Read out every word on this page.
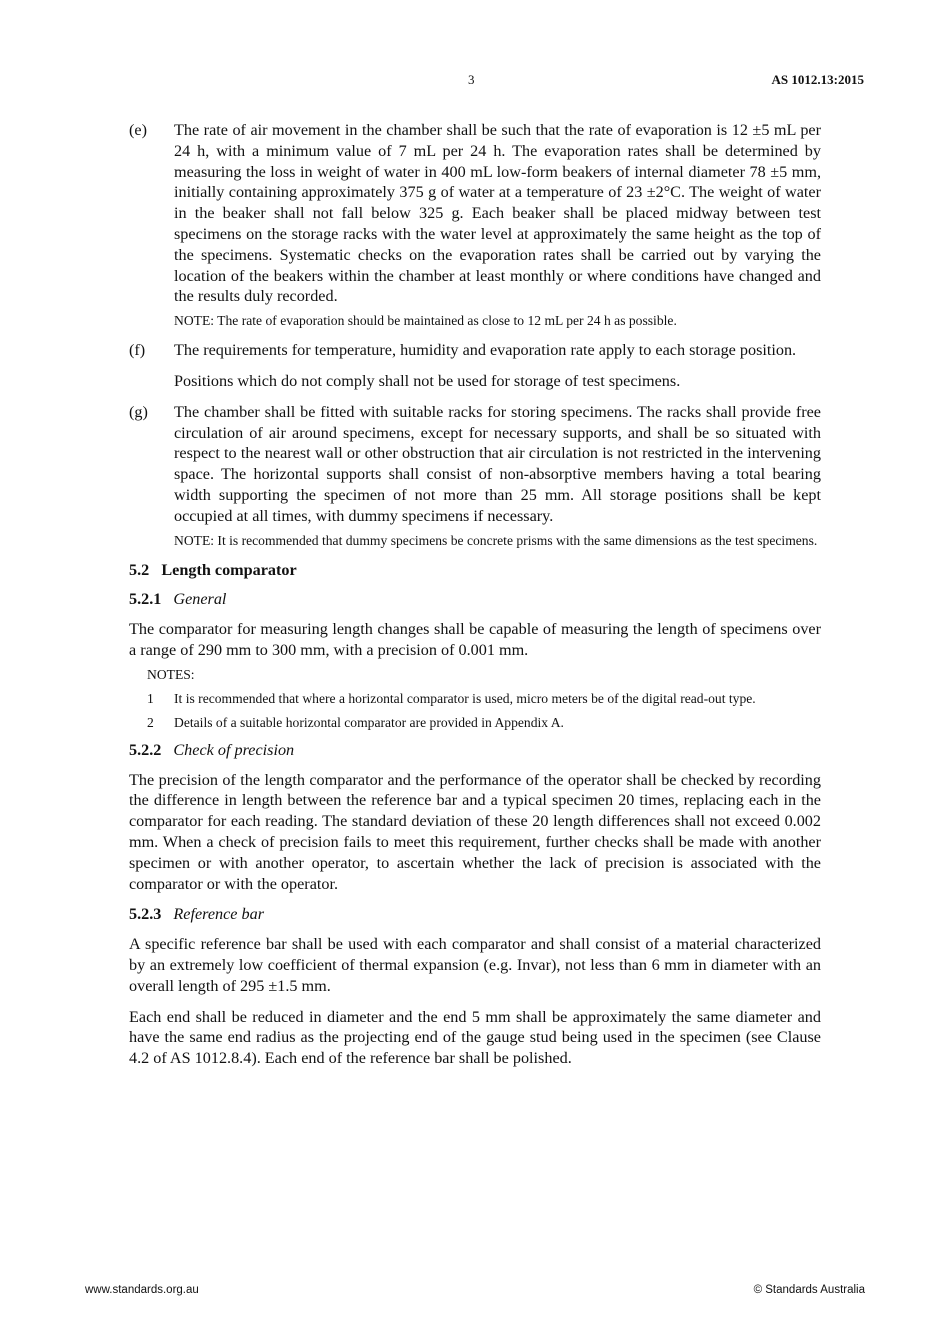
3	AS 1012.13:2015
(e)	The rate of air movement in the chamber shall be such that the rate of evaporation is 12 ±5 mL per 24 h, with a minimum value of 7 mL per 24 h. The evaporation rates shall be determined by measuring the loss in weight of water in 400 mL low-form beakers of internal diameter 78 ±5 mm, initially containing approximately 375 g of water at a temperature of 23 ±2°C. The weight of water in the beaker shall not fall below 325 g. Each beaker shall be placed midway between test specimens on the storage racks with the water level at approximately the same height as the top of the specimens. Systematic checks on the evaporation rates shall be carried out by varying the location of the beakers within the chamber at least monthly or where conditions have changed and the results duly recorded.

NOTE: The rate of evaporation should be maintained as close to 12 mL per 24 h as possible.

(f)	The requirements for temperature, humidity and evaporation rate apply to each storage position.

Positions which do not comply shall not be used for storage of test specimens.

(g)	The chamber shall be fitted with suitable racks for storing specimens. The racks shall provide free circulation of air around specimens, except for necessary supports, and shall be so situated with respect to the nearest wall or other obstruction that air circulation is not restricted in the intervening space. The horizontal supports shall consist of non-absorptive members having a total bearing width supporting the specimen of not more than 25 mm. All storage positions shall be kept occupied at all times, with dummy specimens if necessary.

NOTE: It is recommended that dummy specimens be concrete prisms with the same dimensions as the test specimens.

5.2   Length comparator
5.2.1 General

The comparator for measuring length changes shall be capable of measuring the length of specimens over a range of 290 mm to 300 mm, with a precision of 0.001 mm.

NOTES:
1	It is recommended that where a horizontal comparator is used, micro meters be of the digital read-out type.
2	Details of a suitable horizontal comparator are provided in Appendix A.
5.2.2 Check of precision

The precision of the length comparator and the performance of the operator shall be checked by recording the difference in length between the reference bar and a typical specimen 20 times, replacing each in the comparator for each reading. The standard deviation of these 20 length differences shall not exceed 0.002 mm. When a check of precision fails to meet this requirement, further checks shall be made with another specimen or with another operator, to ascertain whether the lack of precision is associated with the comparator or with the operator.

5.2.3 Reference bar

A specific reference bar shall be used with each comparator and shall consist of a material characterized by an extremely low coefficient of thermal expansion (e.g. Invar), not less than 6 mm in diameter with an overall length of 295 ±1.5 mm.

Each end shall be reduced in diameter and the end 5 mm shall be approximately the same diameter and have the same end radius as the projecting end of the gauge stud being used in the specimen (see Clause 4.2 of AS 1012.8.4). Each end of the reference bar shall be polished.

www.standards.org.au	© Standards Australia
